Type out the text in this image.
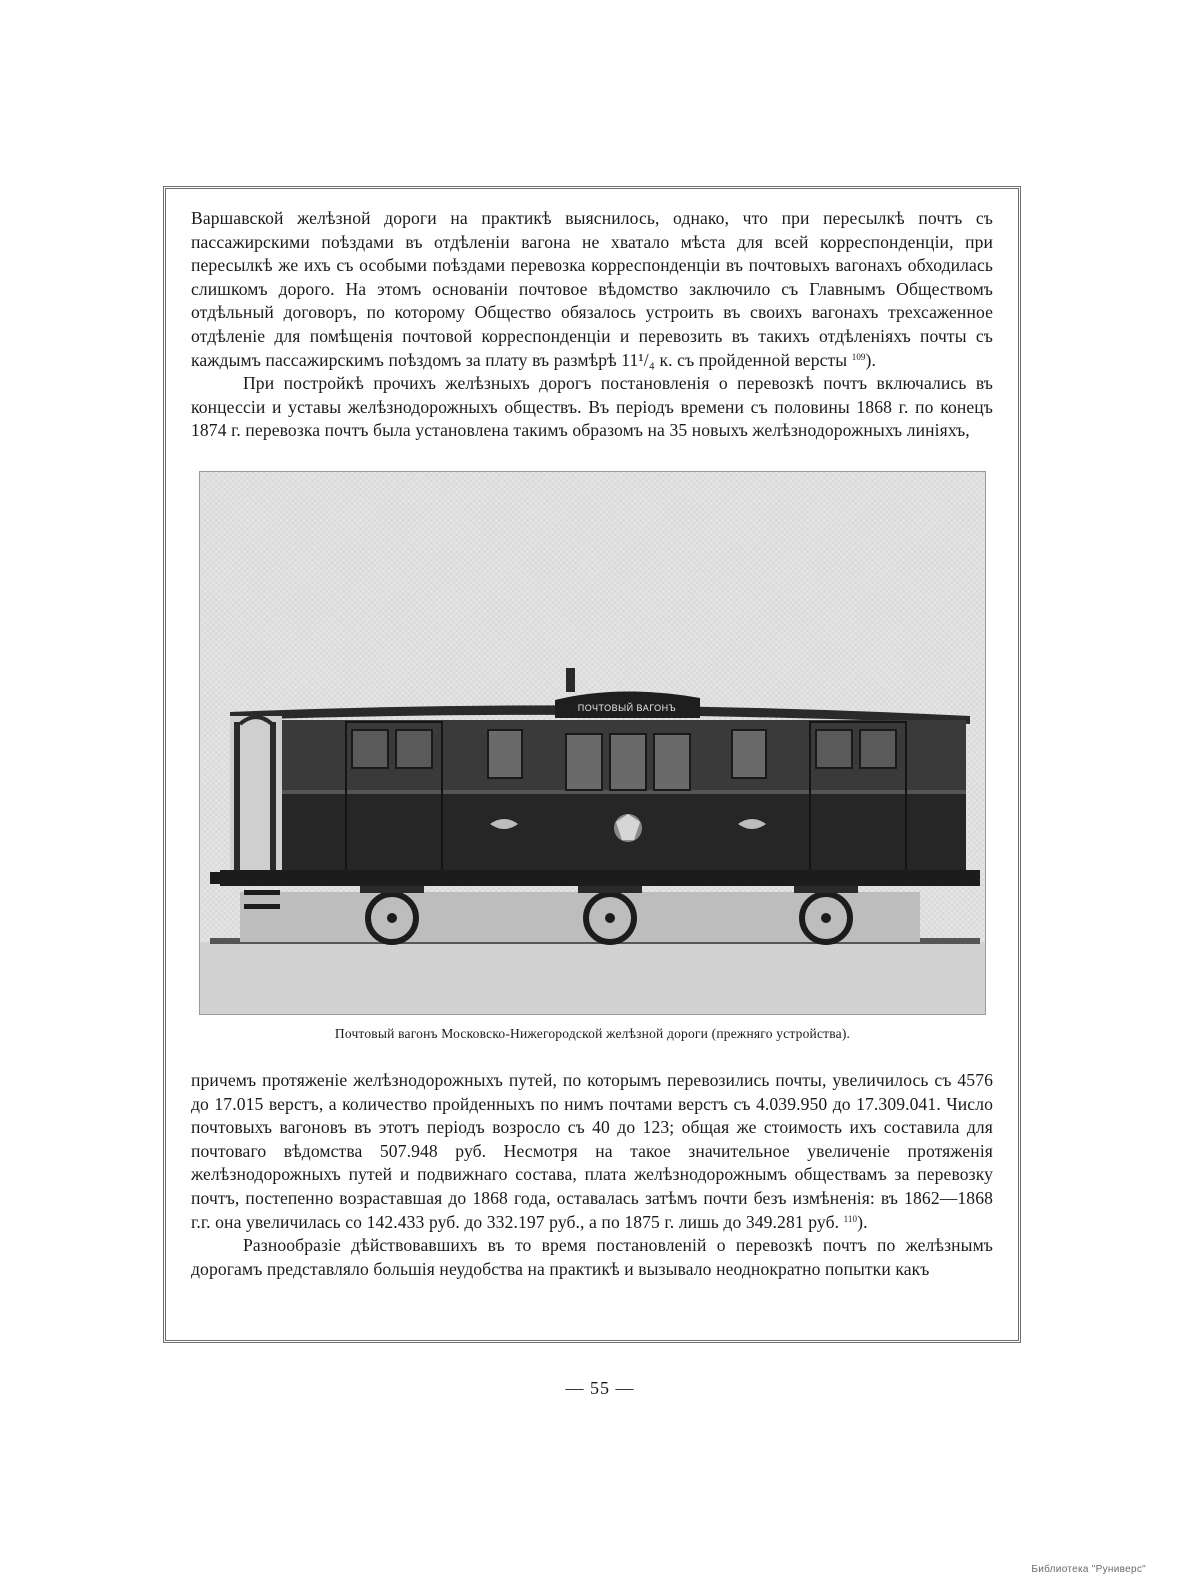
Варшавской желѣзной дороги на практикѣ выяснилось, однако, что при пересылкѣ почтъ съ пассажирскими поѣздами въ отдѣленіи вагона не хватало мѣста для всей корреспонденціи, при пересылкѣ же ихъ съ особыми поѣздами перевозка корреспонденціи въ почтовыхъ вагонахъ обходилась слишкомъ дорого. На этомъ основаніи почтовое вѣдомство заключило съ Главнымъ Обществомъ отдѣльный договоръ, по которому Общество обязалось устроить въ своихъ вагонахъ трехсаженное отдѣленіе для помѣщенія почтовой корреспонденціи и перевозить въ такихъ отдѣленіяхъ почты съ каждымъ пассажирскимъ поѣздомъ за плату въ размѣрѣ 11¹/₄ к. съ пройденной версты $^{109}$).

При постройкѣ прочихъ желѣзныхъ дорогъ постановленія о перевозкѣ почтъ включались въ концессіи и уставы желѣзнодорожныхъ обществъ. Въ періодъ времени съ половины 1868 г. по конецъ 1874 г. перевозка почтъ была установлена такимъ образомъ на 35 новыхъ желѣзнодорожныхъ линіяхъ,

ПОЧТОВЫЙ ВАГОНЪ
Почтовый вагонъ Московско-Нижегородской желѣзной дороги (прежняго устройства).

причемъ протяженіе желѣзнодорожныхъ путей, по которымъ перевозились почты, увеличилось съ 4576 до 17.015 верстъ, а количество пройденныхъ по нимъ почтами верстъ съ 4.039.950 до 17.309.041. Число почтовыхъ вагоновъ въ этотъ періодъ возросло съ 40 до 123; общая же стоимость ихъ составила для почтоваго вѣдомства 507.948 руб. Несмотря на такое значительное увеличеніе протяженія желѣзнодорожныхъ путей и подвижнаго состава, плата желѣзнодорожнымъ обществамъ за перевозку почтъ, постепенно возраставшая до 1868 года, оставалась затѣмъ почти безъ измѣненія: въ 1862—1868 г.г. она увеличилась со 142.433 руб. до 332.197 руб., а по 1875 г. лишь до 349.281 руб. $^{110}$).

Разнообразіе дѣйствовавшихъ въ то время постановленій о перевозкѣ почтъ по желѣзнымъ дорогамъ представляло большія неудобства на практикѣ и вызывало неоднократно попытки какъ

— 55 —
Библиотека "Руниверс"
